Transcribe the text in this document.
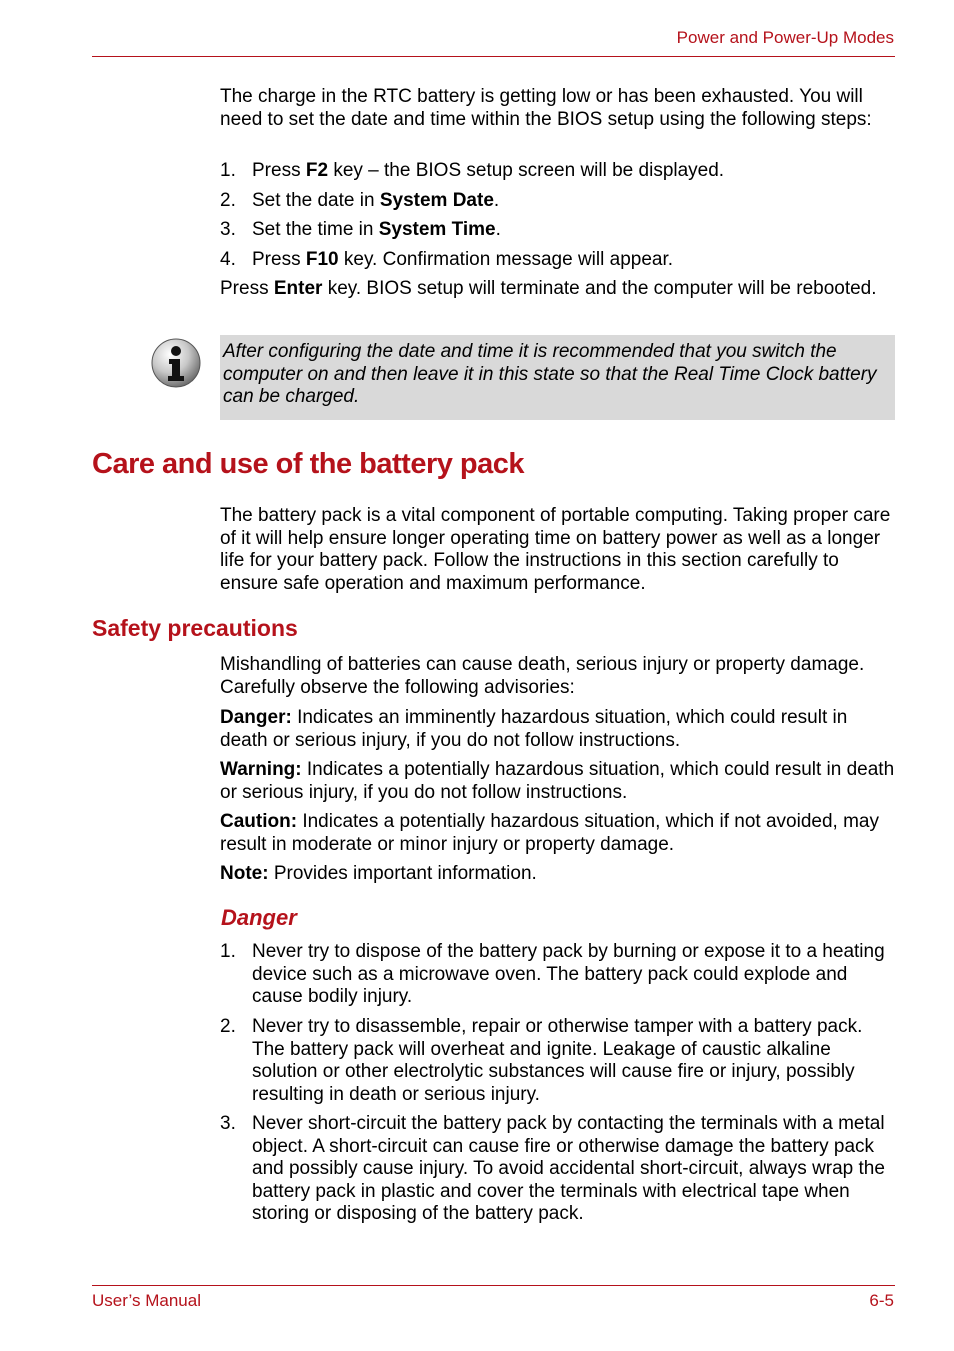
Power and Power-Up Modes

The charge in the RTC battery is getting low or has been exhausted. You will need to set the date and time within the BIOS setup using the following steps:

1. Press F2 key – the BIOS setup screen will be displayed.
2. Set the date in System Date.
3. Set the time in System Time.
4. Press F10 key. Confirmation message will appear.

Press Enter key. BIOS setup will terminate and the computer will be rebooted.

After configuring the date and time it is recommended that you switch the computer on and then leave it in this state so that the Real Time Clock battery can be charged.
Care and use of the battery pack

The battery pack is a vital component of portable computing. Taking proper care of it will help ensure longer operating time on battery power as well as a longer life for your battery pack. Follow the instructions in this section carefully to ensure safe operation and maximum performance.

Safety precautions

Mishandling of batteries can cause death, serious injury or property damage. Carefully observe the following advisories:

Danger: Indicates an imminently hazardous situation, which could result in death or serious injury, if you do not follow instructions.

Warning: Indicates a potentially hazardous situation, which could result in death or serious injury, if you do not follow instructions.

Caution: Indicates a potentially hazardous situation, which if not avoided, may result in moderate or minor injury or property damage.

Note: Provides important information.

Danger
1. Never try to dispose of the battery pack by burning or expose it to a heating device such as a microwave oven. The battery pack could explode and cause bodily injury.
2. Never try to disassemble, repair or otherwise tamper with a battery pack. The battery pack will overheat and ignite. Leakage of caustic alkaline solution or other electrolytic substances will cause fire or injury, possibly resulting in death or serious injury.
3. Never short-circuit the battery pack by contacting the terminals with a metal object. A short-circuit can cause fire or otherwise damage the battery pack and possibly cause injury. To avoid accidental short-circuit, always wrap the battery pack in plastic and cover the terminals with electrical tape when storing or disposing of the battery pack.
User’s Manual	6-5
